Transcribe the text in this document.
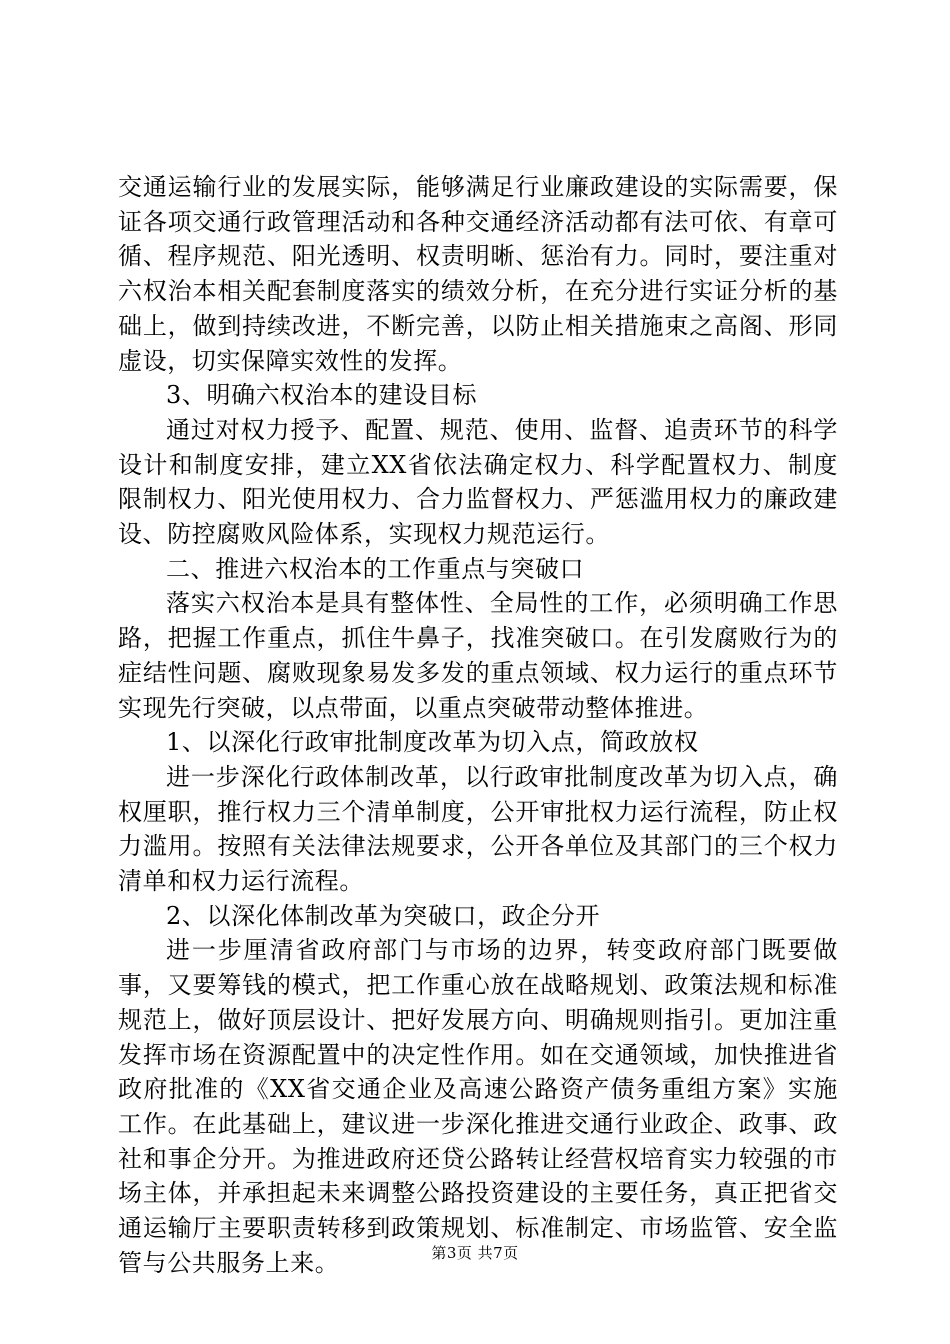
交通运输行业的发展实际，能够满足行业廉政建设的实际需要，保证各项交通行政管理活动和各种交通经济活动都有法可依、有章可循、程序规范、阳光透明、权责明晰、惩治有力。同时，要注重对六权治本相关配套制度落实的绩效分析，在充分进行实证分析的基础上，做到持续改进，不断完善，以防止相关措施束之高阁、形同虚设，切实保障实效性的发挥。

3、明确六权治本的建设目标

通过对权力授予、配置、规范、使用、监督、追责环节的科学设计和制度安排，建立XX省依法确定权力、科学配置权力、制度限制权力、阳光使用权力、合力监督权力、严惩滥用权力的廉政建设、防控腐败风险体系，实现权力规范运行。

二、推进六权治本的工作重点与突破口

落实六权治本是具有整体性、全局性的工作，必须明确工作思路，把握工作重点，抓住牛鼻子，找准突破口。在引发腐败行为的症结性问题、腐败现象易发多发的重点领域、权力运行的重点环节实现先行突破，以点带面，以重点突破带动整体推进。

1、以深化行政审批制度改革为切入点，简政放权

进一步深化行政体制改革，以行政审批制度改革为切入点，确权厘职，推行权力三个清单制度，公开审批权力运行流程，防止权力滥用。按照有关法律法规要求，公开各单位及其部门的三个权力清单和权力运行流程。

2、以深化体制改革为突破口，政企分开

进一步厘清省政府部门与市场的边界，转变政府部门既要做事，又要筹钱的模式，把工作重心放在战略规划、政策法规和标准规范上，做好顶层设计、把好发展方向、明确规则指引。更加注重发挥市场在资源配置中的决定性作用。如在交通领域，加快推进省政府批准的《XX省交通企业及高速公路资产债务重组方案》实施工作。在此基础上，建议进一步深化推进交通行业政企、政事、政社和事企分开。为推进政府还贷公路转让经营权培育实力较强的市场主体，并承担起未来调整公路投资建设的主要任务，真正把省交通运输厅主要职责转移到政策规划、标准制定、市场监管、安全监管与公共服务上来。	第3页 共7页
